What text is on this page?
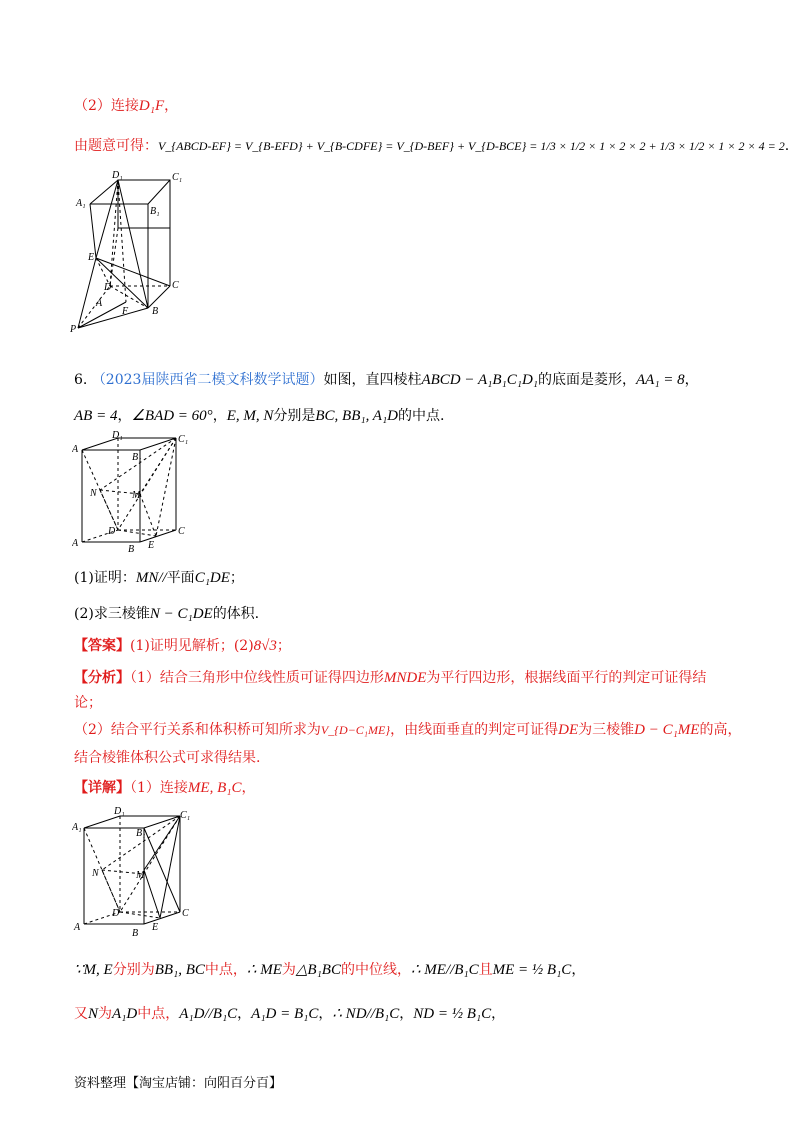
（2）连接D₁F，
由题意可得：V_{ABCD-EF} = V_{B-EFD} + V_{B-CDFE} = V_{D-BEF} + V_{D-BCE} = 1/3 × 1/2 × 1 × 2 × 2 + 1/3 × 1/2 × 1 × 2 × 4 = 2.
D₁	C₁
A₁
B₁
E
D	C
A
F B
P
6. （2023届陕西省二模文科数学试题）如图，直四棱柱ABCD − A₁B₁C₁D₁的底面是菱形，AA₁ = 8，
AB = 4，∠BAD = 60°，E, M, N分别是BC, BB₁, A₁D的中点.
D₁	C₁
A
B₁
N	M
D	C
A
B E
(1)证明：MN//平面C₁DE；
(2)求三棱锥N − C₁DE的体积.
【答案】(1)证明见解析；(2)8√3；
【分析】（1）结合三角形中位线性质可证得四边形MNDE为平行四边形，根据线面平行的判定可证得结
论；
（2）结合平行关系和体积桥可知所求为V_{D−C₁ME}，由线面垂直的判定可证得DE为三棱锥D − C₁ME的高，
结合棱锥体积公式可求得结果.
【详解】（1）连接ME, B₁C，
D₁	C₁
A₁
B₁
N	M
D	C
A
B
E
∵M, E分别为BB₁, BC中点，∴ ME为△B₁BC的中位线，∴ ME//B₁C且ME = ½ B₁C，
又N为A₁D中点，A₁D//B₁C，A₁D = B₁C，∴ ND//B₁C，ND = ½ B₁C，
资料整理【淘宝店铺：向阳百分百】
